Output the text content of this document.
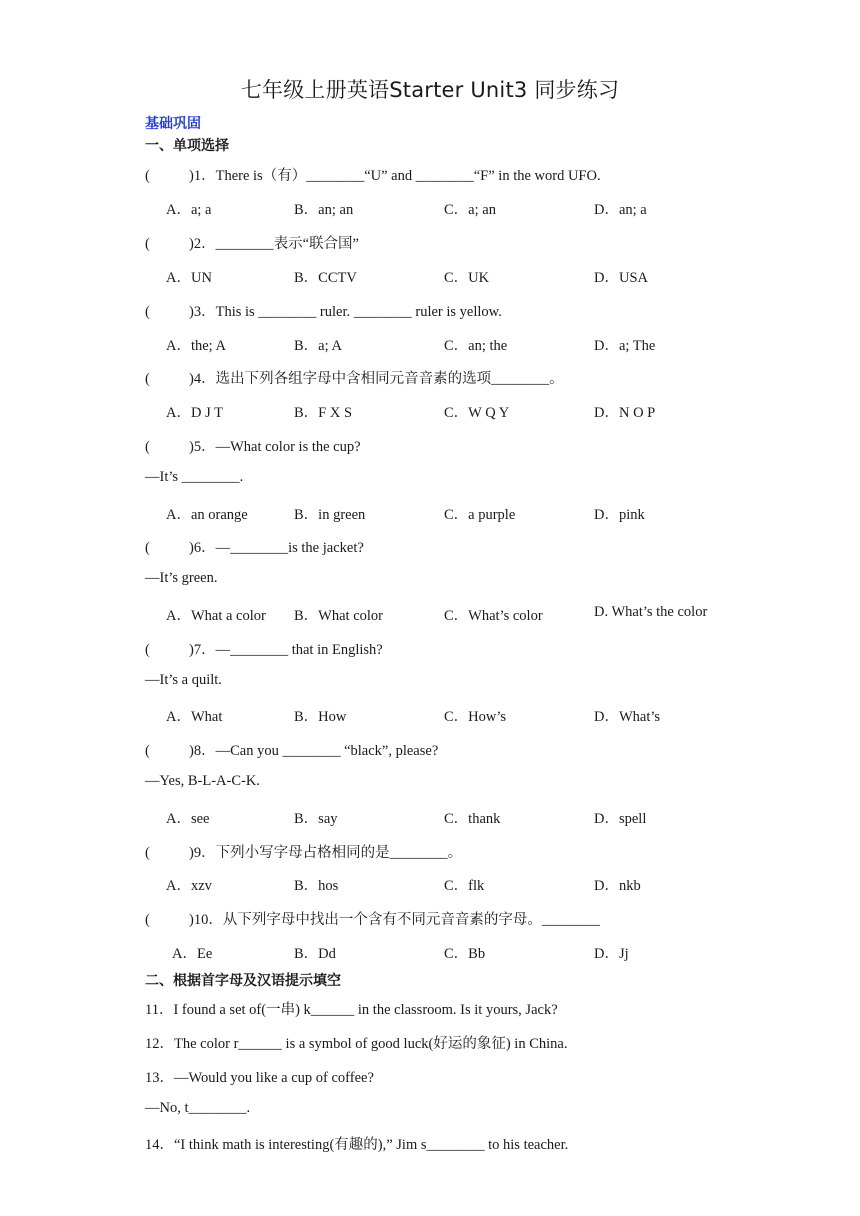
七年级上册英语Starter Unit3 同步练习
基础巩固
一、单项选择
(	)1．There is（有）________“U” and ________“F” in the word UFO.
A．a; a	B．an; an	C．a; an	D．an; a
(	)2．________表示“联合国”
A．UN	B．CCTV	C．UK	D．USA
(	)3．This is ________ ruler. ________ ruler is yellow.
A．the; A	B．a; A	C．an; the	D．a; The
(	)4．选出下列各组字母中含相同元音音素的选项________。
A．D J T	B．F X S	C．W Q Y	D．N O P
(	)5．—What color is the cup?
—It’s ________.
A．an orange	B．in green	C．a purple	D．pink
(	)6．—________is the jacket?
—It’s green.
A．What a color B．What color	C．What’s color	D. What’s the color
(	)7．—________ that in English?
—It’s a quilt.
A．What	B．How	C．How’s	D．What’s
(	)8．—Can you ________ “black”, please?
—Yes, B-L-A-C-K.
A．see	B．say	C．thank	D．spell
(	)9．下列小写字母占格相同的是________。
A．xzv	B．hos	C．flk	D．nkb
(	)10．从下列字母中找出一个含有不同元音音素的字母。________
A．Ee	B．Dd	C．Bb	D．Jj
二、根据首字母及汉语提示填空
11．I found a set of(一串) k______ in the classroom. Is it yours, Jack?
12．The color r______ is a symbol of good luck(好运的象征) in China.
13．—Would you like a cup of coffee?
—No, t________.
14．“I think math is interesting(有趣的),” Jim s________ to his teacher.
